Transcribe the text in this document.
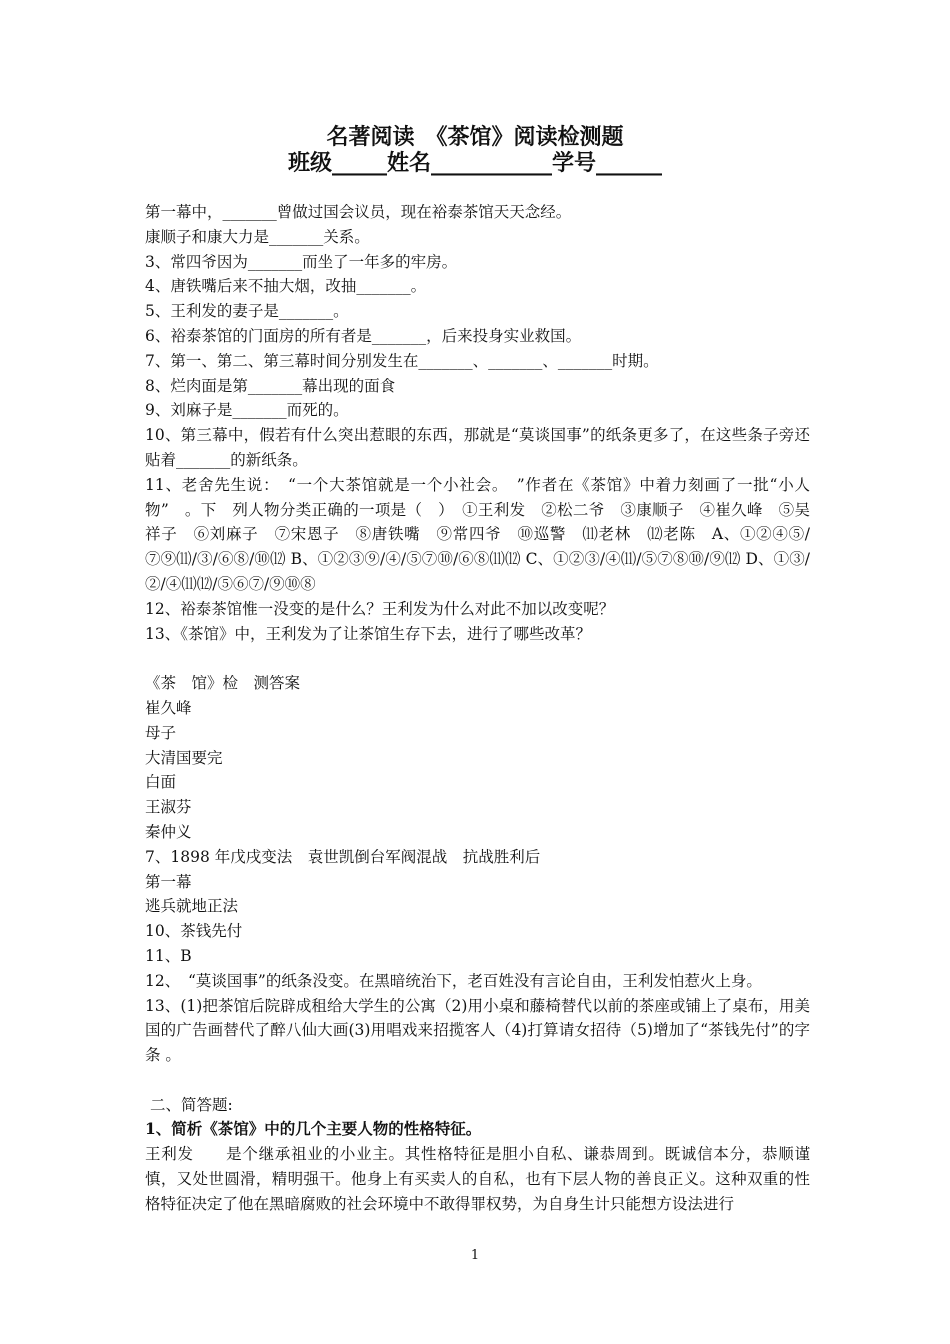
名著阅读　《茶馆》阅读检测题
班级_____姓名___________学号______

第一幕中，_______曾做过国会议员，现在裕泰茶馆天天念经。

康顺子和康大力是_______关系。

3、常四爷因为_______而坐了一年多的牢房。

4、唐铁嘴后来不抽大烟，改抽_______。

5、王利发的妻子是_______。

6、裕泰茶馆的门面房的所有者是_______，后来投身实业救国。

7、第一、第二、第三幕时间分别发生在_______、_______、_______时期。

8、烂肉面是第_______幕出现的面食

9、刘麻子是_______而死的。

10、第三幕中，假若有什么突出惹眼的东西，那就是“莫谈国事”的纸条更多了，在这些条子旁还　贴着_______的新纸条。

11、老舍先生说：　“一个大茶馆就是一个小社会。　”作者在《茶馆》中着力刻画了一批“小人物”　。下　列人物分类正确的一项是（　）　①王利发　②松二爷　③康顺子　④崔久峰　⑤吴祥子　⑥刘麻子　⑦宋恩子　⑧唐铁嘴　⑨常四爷　⑩巡警　⑾老林　⑿老陈　A、①②④⑤/⑦⑨⑾/③/⑥⑧/⑩⑿ B、①②③⑨/④/⑤⑦⑩/⑥⑧⑾⑿ C、①②③/④⑾/⑤⑦⑧⑩/⑨⑿ D、①③/②/④⑾⑿/⑤⑥⑦/⑨⑩⑧

12、裕泰茶馆惟一没变的是什么？王利发为什么对此不加以改变呢？

13、《茶馆》中，王利发为了让茶馆生存下去，进行了哪些改革？

《茶　馆》检　测答案

崔久峰

母子

大清国要完

白面

王淑芬

秦仲义

7、1898 年戊戌变法　袁世凯倒台军阀混战　抗战胜利后

第一幕

逃兵就地正法

10、茶钱先付

11、B

12、　“莫谈国事”的纸条没变。在黑暗统治下，老百姓没有言论自由，王利发怕惹火上身。

13、(1)把茶馆后院辟成租给大学生的公寓（2)用小桌和藤椅替代以前的茶座或铺上了桌布，用美国的广告画替代了醉八仙大画(3)用唱戏来招揽客人（4)打算请女招待（5)增加了“茶钱先付”的字条 。

二、简答题:

1、简析《茶馆》中的几个主要人物的性格特征。

王利发　　是个继承祖业的小业主。其性格特征是胆小自私、谦恭周到。既诚信本分，恭顺谨慎，又处世圆滑，精明强干。他身上有买卖人的自私，也有下层人物的善良正义。这种双重的性格特征决定了他在黑暗腐败的社会环境中不敢得罪权势，为自身生计只能想方设法进行

1
